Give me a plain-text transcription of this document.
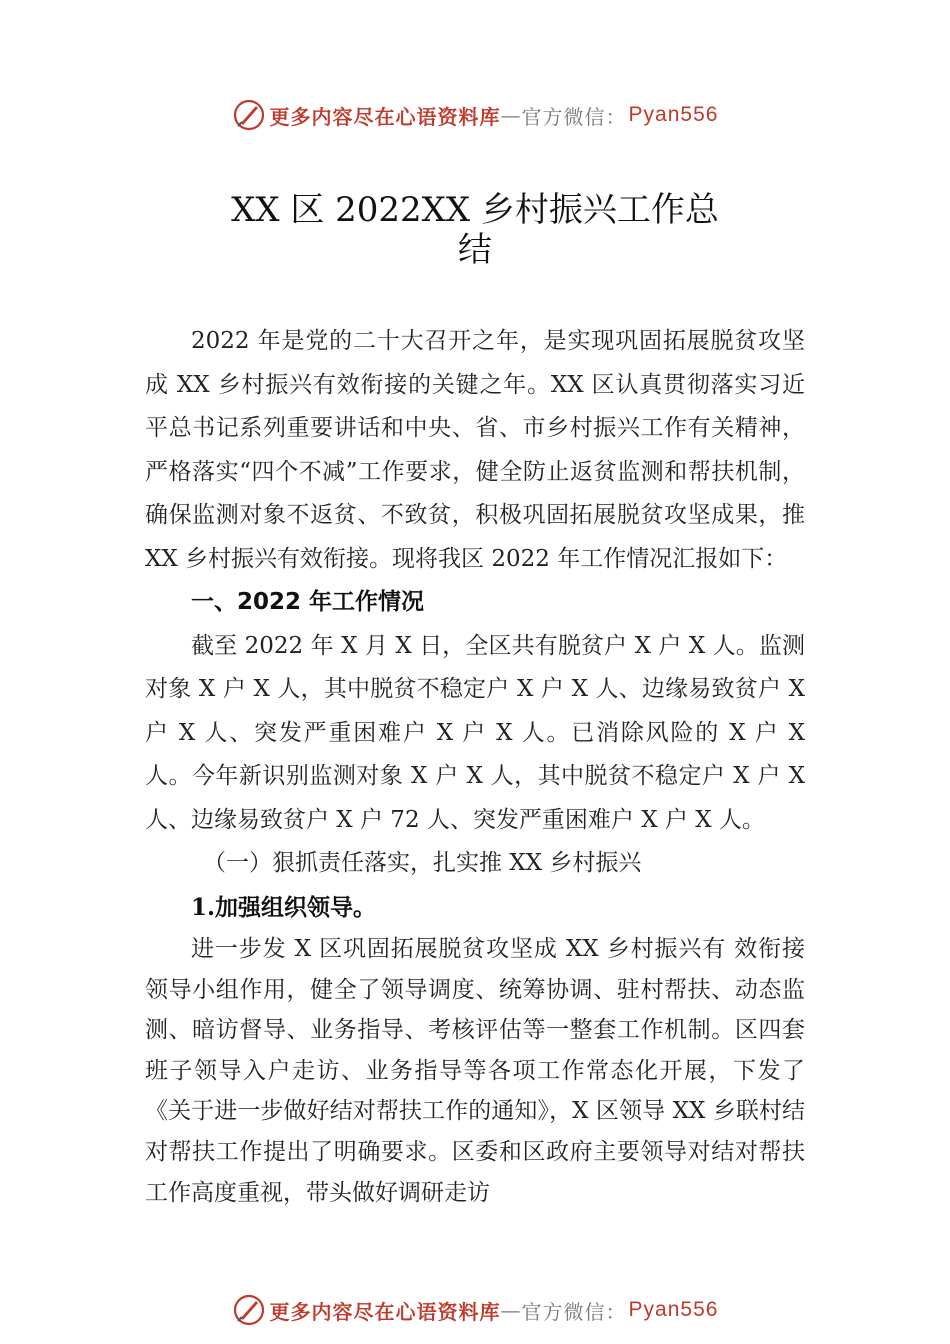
更多内容尽在心语资料库 — 官方微信： Pyan556
XX 区 2022XX 乡村振兴工作总
结

2022 年是党的二十大召开之年，是实现巩固拓展脱贫攻坚成 XX 乡村振兴有效衔接的关键之年。XX 区认真贯彻落实习近平总书记系列重要讲话和中央、省、市乡村振兴工作有关精神，严格落实“四个不减”工作要求，健全防止返贫监测和帮扶机制，确保监测对象不返贫、不致贫，积极巩固拓展脱贫攻坚成果，推 XX 乡村振兴有效衔接。现将我区 2022 年工作情况汇报如下：

一、2022 年工作情况

截至 2022 年 X 月 X 日，全区共有脱贫户 X 户 X 人。监测对象 X 户 X 人，其中脱贫不稳定户 X 户 X 人、边缘易致贫户 X 户 X 人、突发严重困难户 X 户 X 人。已消除风险的 X 户 X 人。今年新识别监测对象 X 户 X 人，其中脱贫不稳定户 X 户 X 人、边缘易致贫户 X 户 72 人、突发严重困难户 X 户 X 人。

（一）狠抓责任落实，扎实推 XX 乡村振兴

1.加强组织领导。

进一步发 X 区巩固拓展脱贫攻坚成 XX 乡村振兴有 效衔接领导小组作用，健全了领导调度、统筹协调、驻村帮扶、动态监测、暗访督导、业务指导、考核评估等一整套工作机制。区四套班子领导入户走访、业务指导等各项工作常态化开展，下发了《关于进一步做好结对帮扶工作的通知》，X 区领导 XX 乡联村结对帮扶工作提出了明确要求。区委和区政府主要领导对结对帮扶工作高度重视，带头做好调研走访

更多内容尽在心语资料库 — 官方微信： Pyan556
